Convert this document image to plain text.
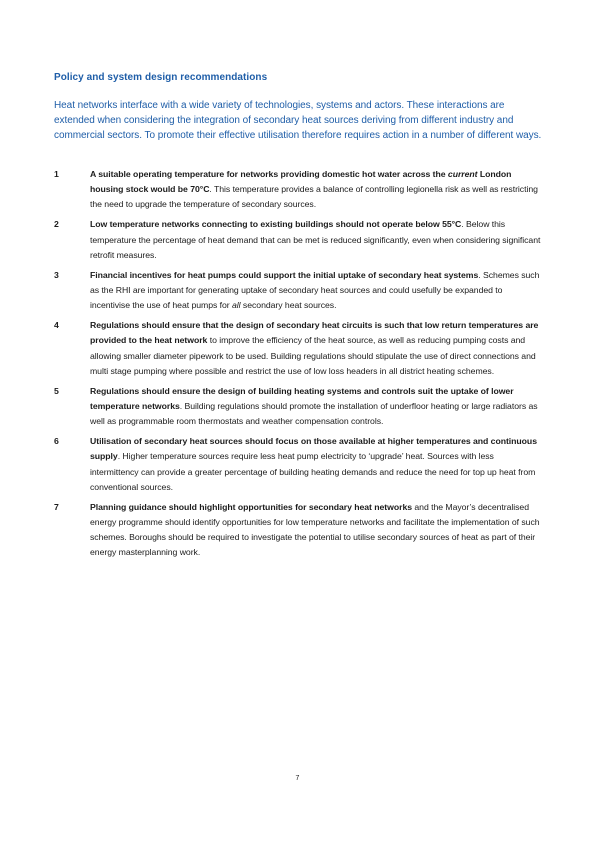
Policy and system design recommendations

Heat networks interface with a wide variety of technologies, systems and actors. These interactions are extended when considering the integration of secondary heat sources deriving from different industry and commercial sectors. To promote their effective utilisation therefore requires action in a number of different ways.

1	A suitable operating temperature for networks providing domestic hot water across the current London housing stock would be 70°C. This temperature provides a balance of controlling legionella risk as well as restricting the need to upgrade the temperature of secondary sources.
2	Low temperature networks connecting to existing buildings should not operate below 55°C. Below this temperature the percentage of heat demand that can be met is reduced significantly, even when considering significant retrofit measures.
3	Financial incentives for heat pumps could support the initial uptake of secondary heat systems. Schemes such as the RHI are important for generating uptake of secondary heat sources and could usefully be expanded to incentivise the use of heat pumps for all secondary heat sources.
4	Regulations should ensure that the design of secondary heat circuits is such that low return temperatures are provided to the heat network to improve the efficiency of the heat source, as well as reducing pumping costs and allowing smaller diameter pipework to be used. Building regulations should stipulate the use of direct connections and multi stage pumping where possible and restrict the use of low loss headers in all district heating schemes.
5	Regulations should ensure the design of building heating systems and controls suit the uptake of lower temperature networks. Building regulations should promote the installation of underfloor heating or large radiators as well as programmable room thermostats and weather compensation controls.
6	Utilisation of secondary heat sources should focus on those available at higher temperatures and continuous supply. Higher temperature sources require less heat pump electricity to ‘upgrade’ heat. Sources with less intermittency can provide a greater percentage of building heating demands and reduce the need for top up heat from conventional sources.
7	Planning guidance should highlight opportunities for secondary heat networks and the Mayor’s decentralised energy programme should identify opportunities for low temperature networks and facilitate the implementation of such schemes. Boroughs should be required to investigate the potential to utilise secondary sources of heat as part of their energy masterplanning work.
7
